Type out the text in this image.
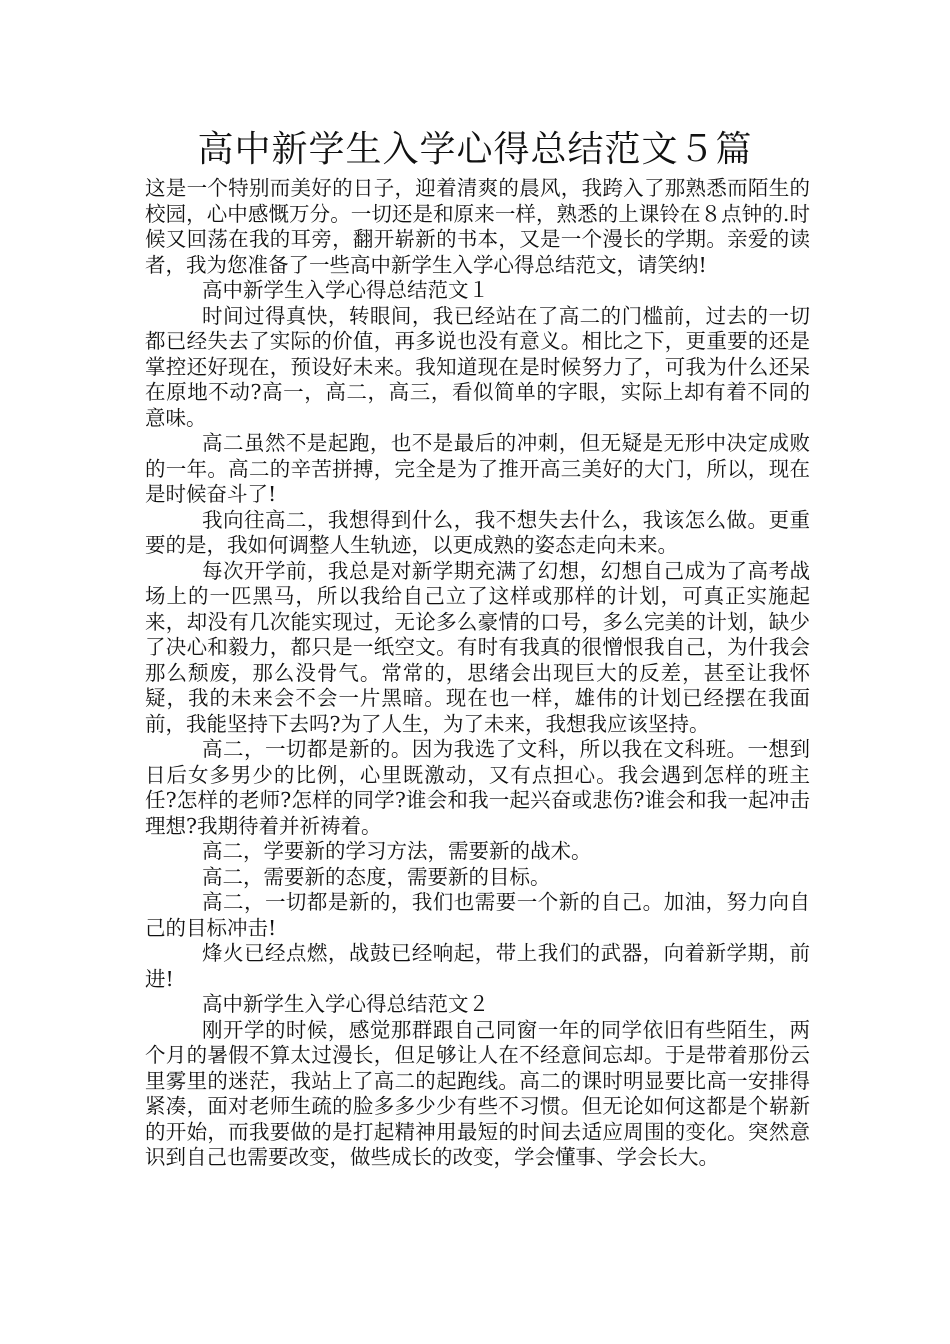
高中新学生入学心得总结范文５篇

这是一个特别而美好的日子，迎着清爽的晨风，我跨入了那熟悉而陌生的校园，心中感慨万分。一切还是和原来一样，熟悉的上课铃在８点钟的.时候又回荡在我的耳旁，翻开崭新的书本，又是一个漫长的学期。亲爱的读者，我为您准备了一些高中新学生入学心得总结范文，请笑纳!

高中新学生入学心得总结范文１

时间过得真快，转眼间，我已经站在了高二的门槛前，过去的一切都已经失去了实际的价值，再多说也没有意义。相比之下，更重要的还是掌控还好现在，预设好未来。我知道现在是时候努力了，可我为什么还呆在原地不动?高一，高二，高三，看似简单的字眼，实际上却有着不同的意味。

高二虽然不是起跑，也不是最后的冲刺，但无疑是无形中决定成败的一年。高二的辛苦拼搏，完全是为了推开高三美好的大门，所以，现在是时候奋斗了!

我向往高二，我想得到什么，我不想失去什么，我该怎么做。更重要的是，我如何调整人生轨迹，以更成熟的姿态走向未来。

每次开学前，我总是对新学期充满了幻想，幻想自己成为了高考战场上的一匹黑马，所以我给自己立了这样或那样的计划，可真正实施起来，却没有几次能实现过，无论多么豪情的口号，多么完美的计划，缺少了决心和毅力，都只是一纸空文。有时有我真的很憎恨我自己，为什我会那么颓废，那么没骨气。常常的，思绪会出现巨大的反差，甚至让我怀疑，我的未来会不会一片黑暗。现在也一样，雄伟的计划已经摆在我面前，我能坚持下去吗?为了人生，为了未来，我想我应该坚持。

高二，一切都是新的。因为我选了文科，所以我在文科班。一想到日后女多男少的比例，心里既激动，又有点担心。我会遇到怎样的班主任?怎样的老师?怎样的同学?谁会和我一起兴奋或悲伤?谁会和我一起冲击理想?我期待着并祈祷着。

高二，学要新的学习方法，需要新的战术。

高二，需要新的态度，需要新的目标。

高二，一切都是新的，我们也需要一个新的自己。加油，努力向自己的目标冲击!

烽火已经点燃，战鼓已经响起，带上我们的武器，向着新学期，前进!

高中新学生入学心得总结范文２

刚开学的时候，感觉那群跟自己同窗一年的同学依旧有些陌生，两个月的暑假不算太过漫长，但足够让人在不经意间忘却。于是带着那份云里雾里的迷茫，我站上了高二的起跑线。高二的课时明显要比高一安排得紧凑，面对老师生疏的脸多多少少有些不习惯。但无论如何这都是个崭新的开始，而我要做的是打起精神用最短的时间去适应周围的变化。突然意识到自己也需要改变，做些成长的改变，学会懂事、学会长大。
